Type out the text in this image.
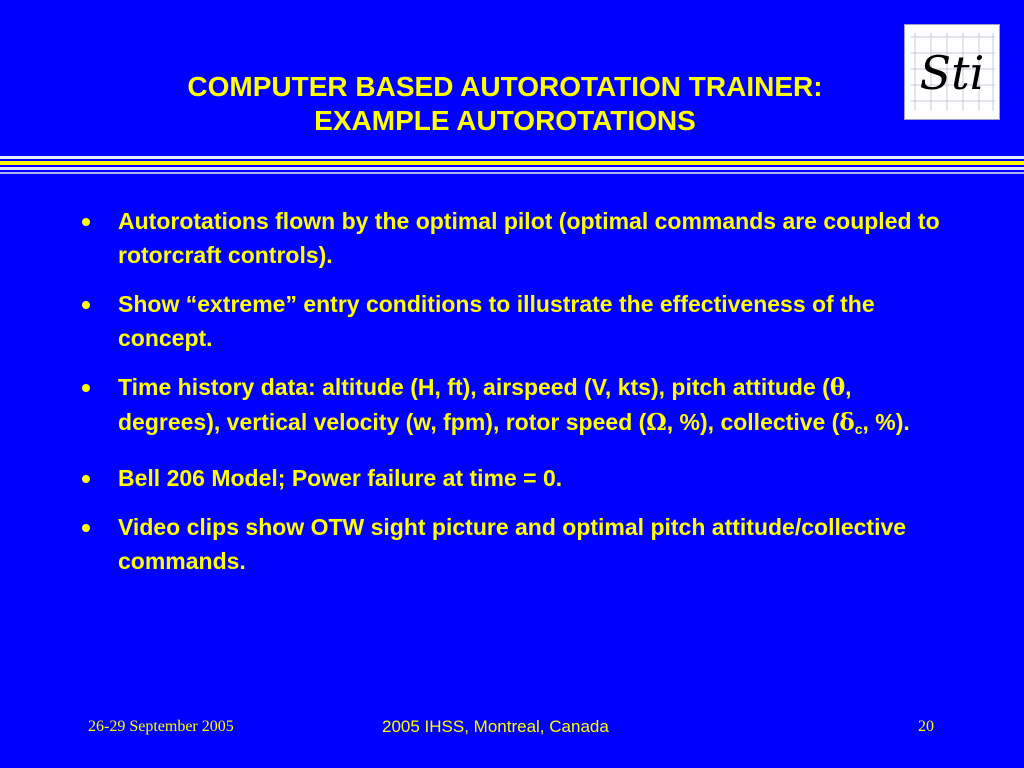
COMPUTER BASED AUTOROTATION TRAINER:
EXAMPLE AUTOROTATIONS
Sti
Autorotations flown by the optimal pilot (optimal commands are coupled to rotorcraft controls).
Show “extreme” entry conditions to illustrate the effectiveness of the concept.
Time history data: altitude (H, ft), airspeed (V, kts), pitch attitude (θ, degrees), vertical velocity (w, fpm), rotor speed (Ω, %), collective ($\delta_c$, %).
Bell 206 Model; Power failure at time = 0.
Video clips show OTW sight picture and optimal pitch attitude/collective commands.
26-29 September 2005	2005 IHSS, Montreal, Canada	20
